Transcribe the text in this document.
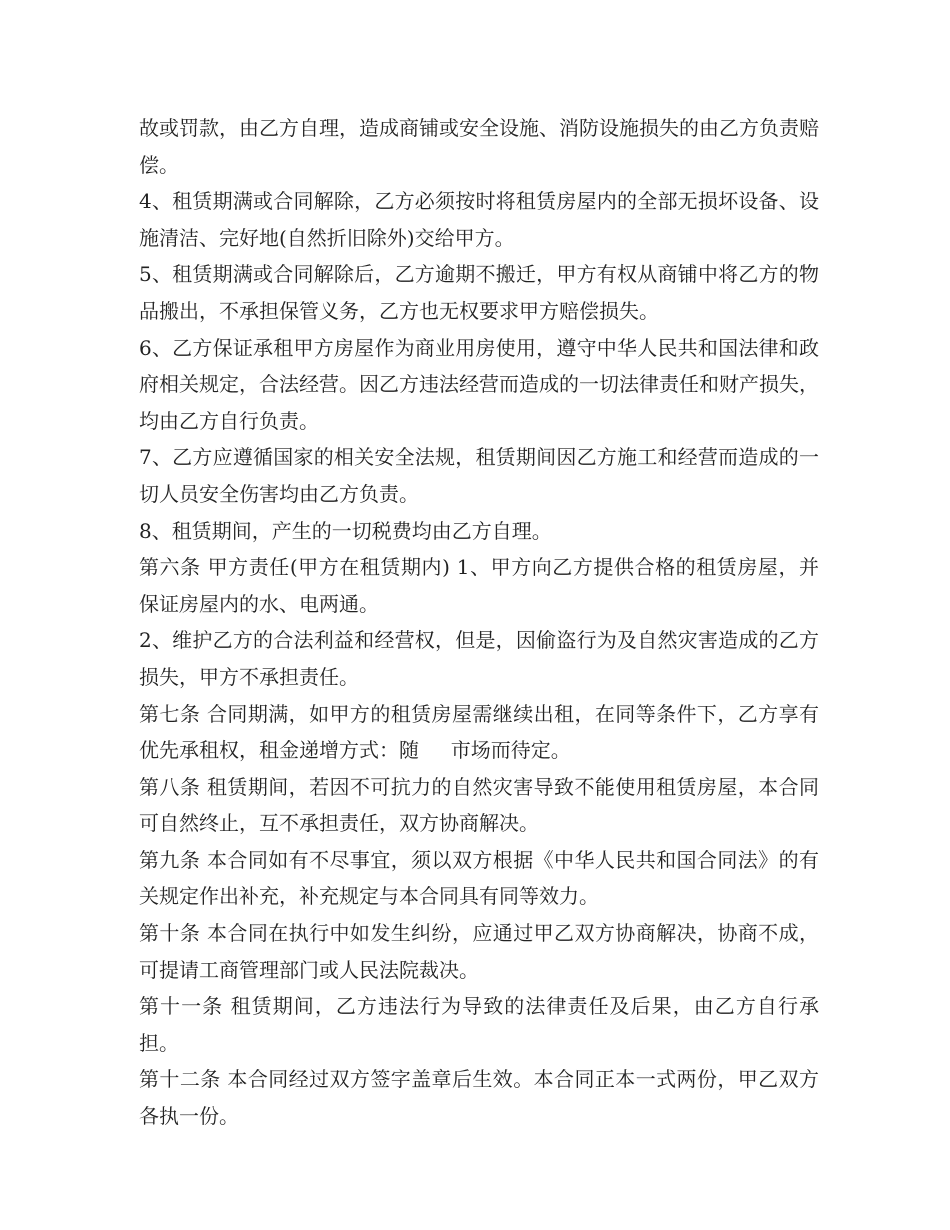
故或罚款，由乙方自理，造成商铺或安全设施、消防设施损失的由乙方负责赔偿。

4、租赁期满或合同解除，乙方必须按时将租赁房屋内的全部无损坏设备、设施清洁、完好地(自然折旧除外)交给甲方。

5、租赁期满或合同解除后，乙方逾期不搬迁，甲方有权从商铺中将乙方的物品搬出，不承担保管义务，乙方也无权要求甲方赔偿损失。

6、乙方保证承租甲方房屋作为商业用房使用，遵守中华人民共和国法律和政府相关规定，合法经营。因乙方违法经营而造成的一切法律责任和财产损失，均由乙方自行负责。

7、乙方应遵循国家的相关安全法规，租赁期间因乙方施工和经营而造成的一切人员安全伤害均由乙方负责。

8、租赁期间，产生的一切税费均由乙方自理。

第六条 甲方责任(甲方在租赁期内) 1、甲方向乙方提供合格的租赁房屋，并保证房屋内的水、电两通。

2、维护乙方的合法利益和经营权，但是，因偷盗行为及自然灾害造成的乙方损失，甲方不承担责任。

第七条 合同期满，如甲方的租赁房屋需继续出租，在同等条件下，乙方享有优先承租权，租金递增方式：随     市场而待定。

第八条 租赁期间，若因不可抗力的自然灾害导致不能使用租赁房屋，本合同可自然终止，互不承担责任，双方协商解决。

第九条 本合同如有不尽事宜，须以双方根据《中华人民共和国合同法》的有关规定作出补充，补充规定与本合同具有同等效力。

第十条 本合同在执行中如发生纠纷，应通过甲乙双方协商解决，协商不成，可提请工商管理部门或人民法院裁决。

第十一条 租赁期间，乙方违法行为导致的法律责任及后果，由乙方自行承担。

第十二条 本合同经过双方签字盖章后生效。本合同正本一式两份，甲乙双方各执一份。
